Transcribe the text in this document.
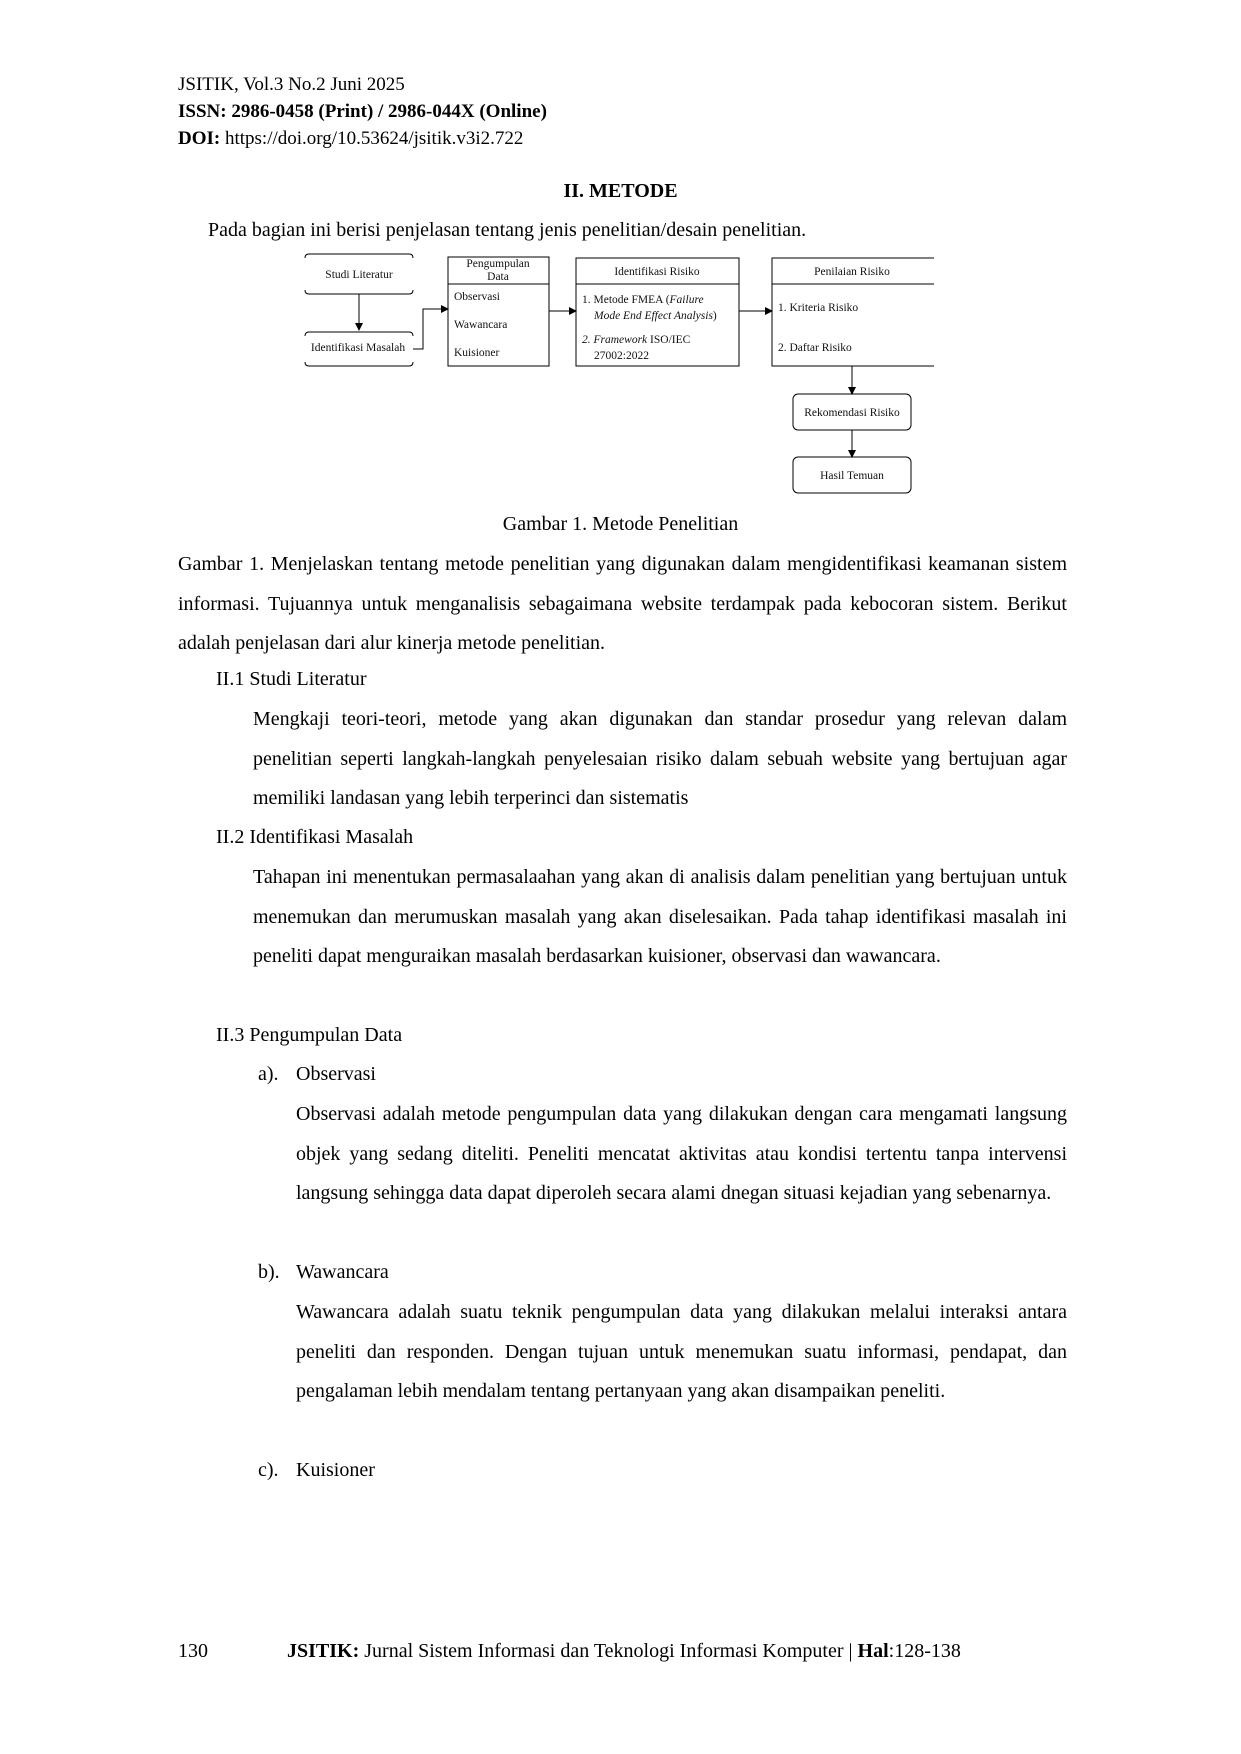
JSITIK, Vol.3 No.2 Juni 2025
ISSN: 2986-0458 (Print) / 2986-044X (Online)
DOI: https://doi.org/10.53624/jsitik.v3i2.722
II. METODE
Pada bagian ini berisi penjelasan tentang jenis penelitian/desain penelitian.
Studi Literatur
Identifikasi Masalah
Pengumpulan
Data
Observasi
Wawancara
Kuisioner
Identifikasi Risiko
1. Metode FMEA (Failure
Mode End Effect Analysis)
2. Framework ISO/IEC
27002:2022
Penilaian Risiko
1. Kriteria Risiko
2. Daftar Risiko
Rekomendasi Risiko
Hasil Temuan
Gambar 1. Metode Penelitian
Gambar 1. Menjelaskan tentang metode penelitian yang digunakan dalam mengidentifikasi keamanan sistem informasi. Tujuannya untuk menganalisis sebagaimana website terdampak pada kebocoran sistem. Berikut adalah penjelasan dari alur kinerja metode penelitian.
II.1 Studi Literatur
Mengkaji teori-teori, metode yang akan digunakan dan standar prosedur yang relevan dalam penelitian seperti langkah-langkah penyelesaian risiko dalam sebuah website yang bertujuan agar memiliki landasan yang lebih terperinci dan sistematis
II.2 Identifikasi Masalah
Tahapan ini menentukan permasalaahan yang akan di analisis dalam penelitian yang bertujuan untuk menemukan dan merumuskan masalah yang akan diselesaikan. Pada tahap identifikasi masalah ini peneliti dapat menguraikan masalah berdasarkan kuisioner, observasi dan wawancara.
II.3 Pengumpulan Data
a). Observasi
Observasi adalah metode pengumpulan data yang dilakukan dengan cara mengamati langsung objek yang sedang diteliti. Peneliti mencatat aktivitas atau kondisi tertentu tanpa intervensi langsung sehingga data dapat diperoleh secara alami dnegan situasi kejadian yang sebenarnya.
b). Wawancara
Wawancara adalah suatu teknik pengumpulan data yang dilakukan melalui interaksi antara peneliti dan responden. Dengan tujuan untuk menemukan suatu informasi, pendapat, dan pengalaman lebih mendalam tentang pertanyaan yang akan disampaikan peneliti.
c). Kuisioner
130	JSITIK: Jurnal Sistem Informasi dan Teknologi Informasi Komputer | Hal:128-138
